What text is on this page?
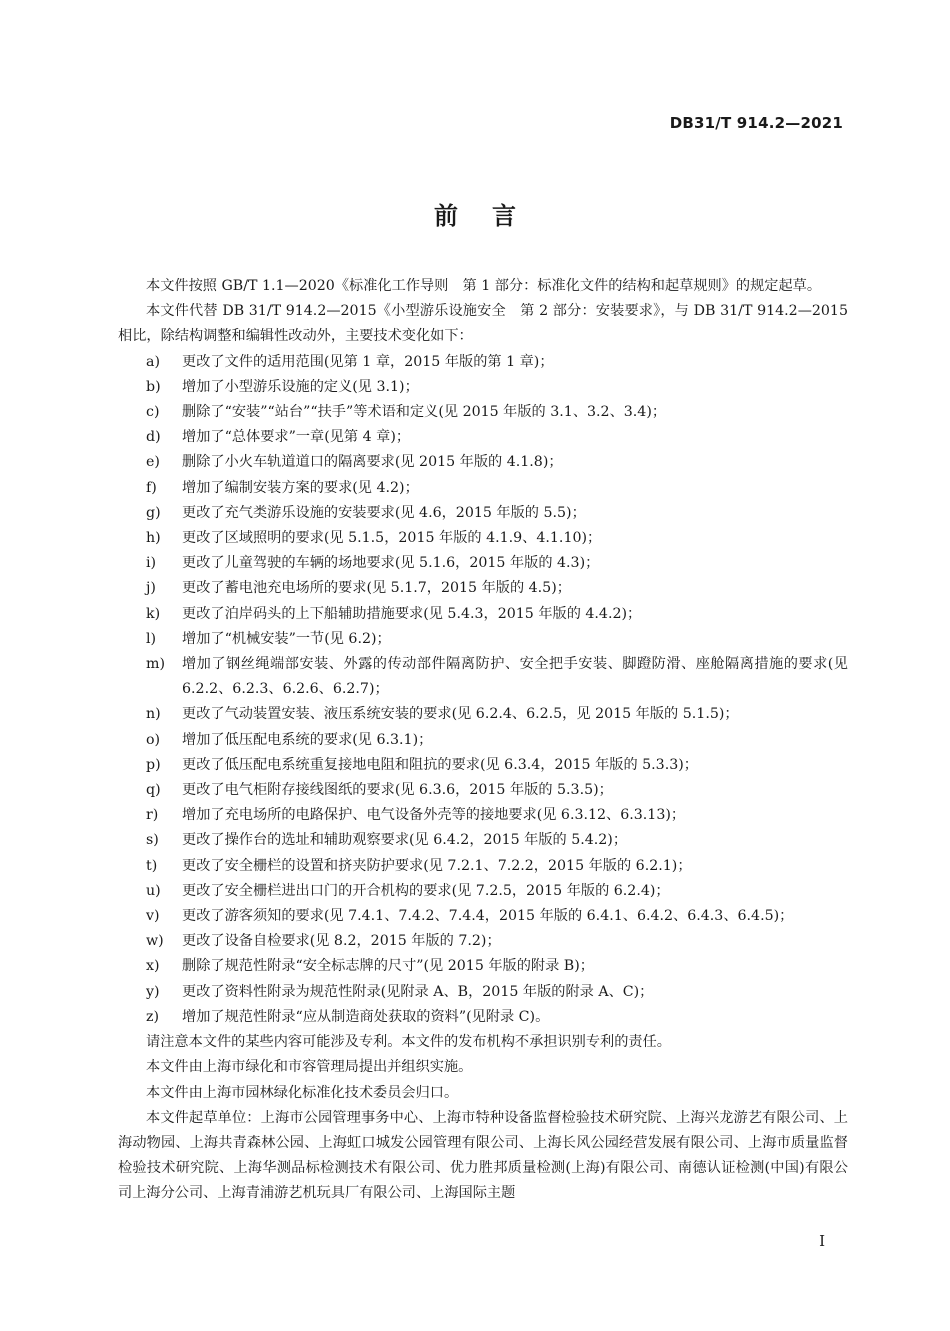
DB31/T 914.2—2021
前言

本文件按照 GB/T 1.1—2020《标准化工作导则　第 1 部分：标准化文件的结构和起草规则》的规定起草。

本文件代替 DB 31/T 914.2—2015《小型游乐设施安全　第 2 部分：安装要求》，与 DB 31/T 914.2—2015 相比，除结构调整和编辑性改动外，主要技术变化如下：

a)	更改了文件的适用范围(见第 1 章，2015 年版的第 1 章)；
b)	增加了小型游乐设施的定义(见 3.1)；
c)	删除了“安装”“站台”“扶手”等术语和定义(见 2015 年版的 3.1、3.2、3.4)；
d)	增加了“总体要求”一章(见第 4 章)；
e)	删除了小火车轨道道口的隔离要求(见 2015 年版的 4.1.8)；
f)	增加了编制安装方案的要求(见 4.2)；
g)	更改了充气类游乐设施的安装要求(见 4.6，2015 年版的 5.5)；
h)	更改了区域照明的要求(见 5.1.5，2015 年版的 4.1.9、4.1.10)；
i)	更改了儿童驾驶的车辆的场地要求(见 5.1.6，2015 年版的 4.3)；
j)	更改了蓄电池充电场所的要求(见 5.1.7，2015 年版的 4.5)；
k)	更改了泊岸码头的上下船辅助措施要求(见 5.4.3，2015 年版的 4.4.2)；
l)	增加了“机械安装”一节(见 6.2)；
m)	增加了钢丝绳端部安装、外露的传动部件隔离防护、安全把手安装、脚蹬防滑、座舱隔离措施的要求(见 6.2.2、6.2.3、6.2.6、6.2.7)；
n)	更改了气动装置安装、液压系统安装的要求(见 6.2.4、6.2.5，见 2015 年版的 5.1.5)；
o)	增加了低压配电系统的要求(见 6.3.1)；
p)	更改了低压配电系统重复接地电阻和阻抗的要求(见 6.3.4，2015 年版的 5.3.3)；
q)	更改了电气柜附存接线图纸的要求(见 6.3.6，2015 年版的 5.3.5)；
r)	增加了充电场所的电路保护、电气设备外壳等的接地要求(见 6.3.12、6.3.13)；
s)	更改了操作台的选址和辅助观察要求(见 6.4.2，2015 年版的 5.4.2)；
t)	更改了安全栅栏的设置和挤夹防护要求(见 7.2.1、7.2.2，2015 年版的 6.2.1)；
u)	更改了安全栅栏进出口门的开合机构的要求(见 7.2.5，2015 年版的 6.2.4)；
v)	更改了游客须知的要求(见 7.4.1、7.4.2、7.4.4，2015 年版的 6.4.1、6.4.2、6.4.3、6.4.5)；
w)	更改了设备自检要求(见 8.2，2015 年版的 7.2)；
x)	删除了规范性附录“安全标志牌的尺寸”(见 2015 年版的附录 B)；
y)	更改了资料性附录为规范性附录(见附录 A、B，2015 年版的附录 A、C)；
z)	增加了规范性附录“应从制造商处获取的资料”(见附录 C)。

请注意本文件的某些内容可能涉及专利。本文件的发布机构不承担识别专利的责任。

本文件由上海市绿化和市容管理局提出并组织实施。

本文件由上海市园林绿化标准化技术委员会归口。

本文件起草单位：上海市公园管理事务中心、上海市特种设备监督检验技术研究院、上海兴龙游艺有限公司、上海动物园、上海共青森林公园、上海虹口城发公园管理有限公司、上海长风公园经营发展有限公司、上海市质量监督检验技术研究院、上海华测品标检测技术有限公司、优力胜邦质量检测(上海)有限公司、南德认证检测(中国)有限公司上海分公司、上海青浦游艺机玩具厂有限公司、上海国际主题

I
